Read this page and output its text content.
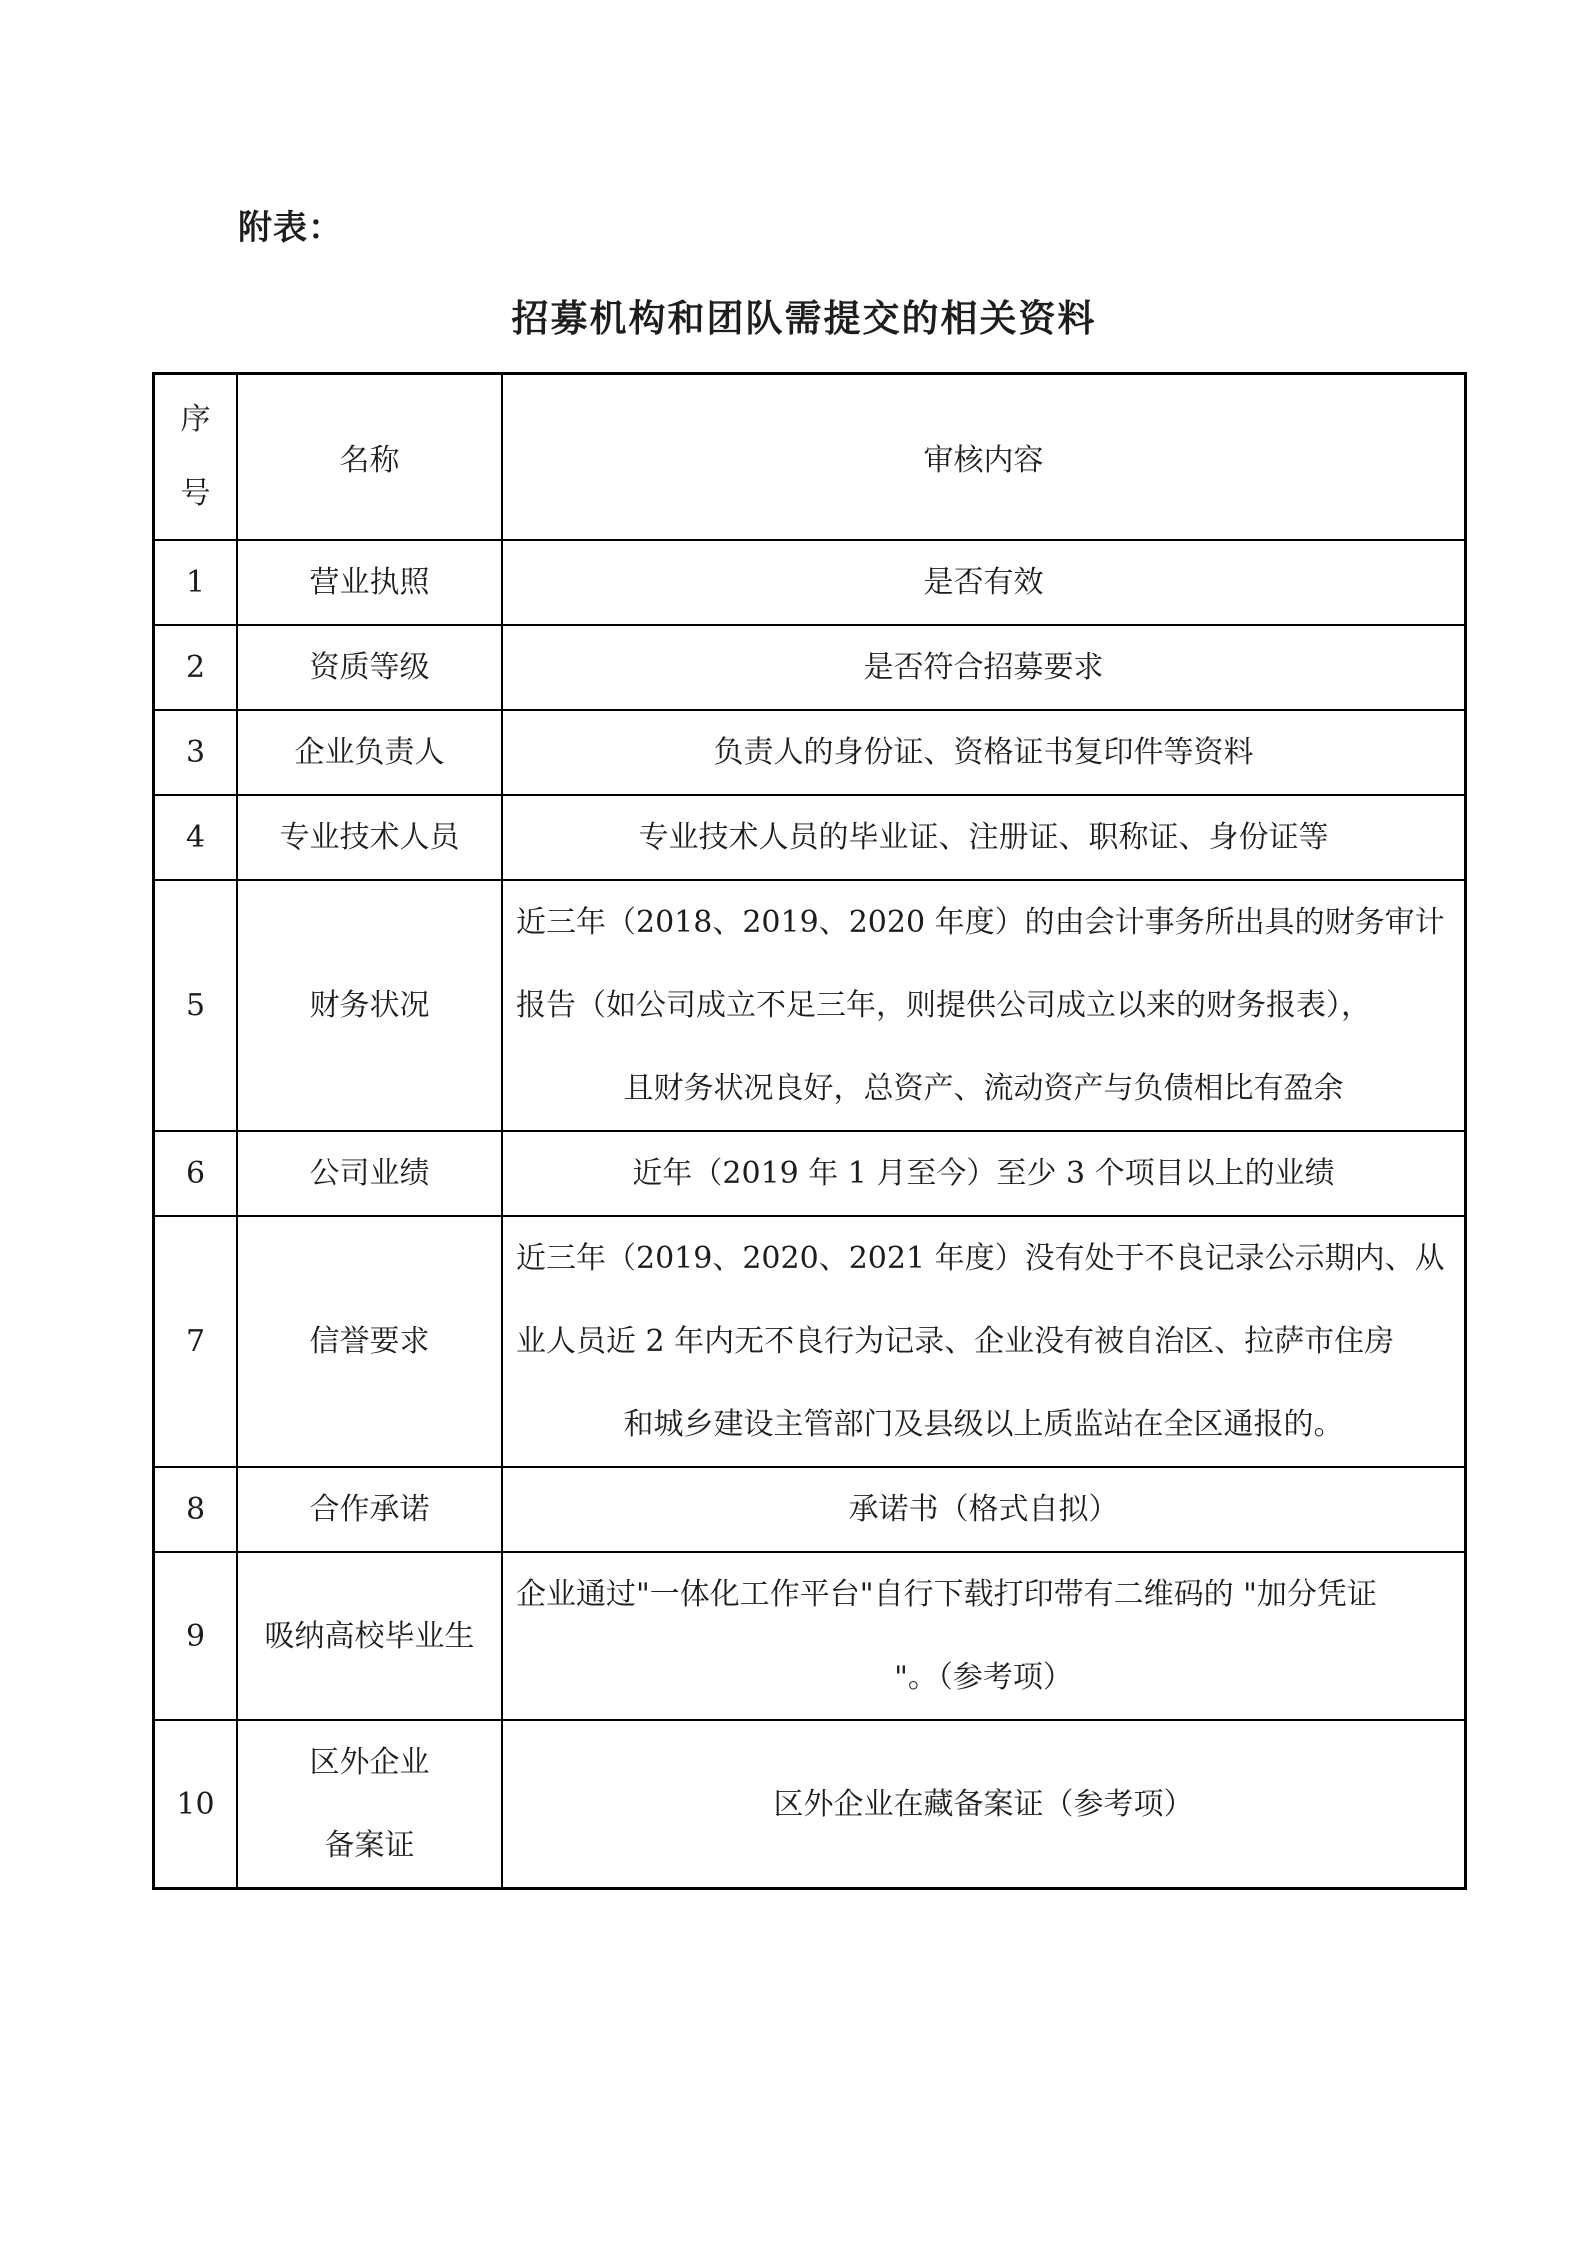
附表：
招募机构和团队需提交的相关资料
序
号	名称	审核内容
1	营业执照	是否有效

2	资质等级	是否符合招募要求

3	企业负责人	负责人的身份证、资格证书复印件等资料

4	专业技术人员	专业技术人员的毕业证、注册证、职称证、身份证等

5	财务状况	近三年（2018、2019、2020 年度）的由会计事务所出具的财务审计
报告（如公司成立不足三年，则提供公司成立以来的财务报表），
且财务状况良好，总资产、流动资产与负债相比有盈余

6	公司业绩	近年（2019 年 1 月至今）至少 3 个项目以上的业绩

7	信誉要求	近三年（2019、2020、2021 年度）没有处于不良记录公示期内、从
业人员近 2 年内无不良行为记录、企业没有被自治区、拉萨市住房
和城乡建设主管部门及县级以上质监站在全区通报的。

8	合作承诺	承诺书（格式自拟）

9	吸纳高校毕业生	企业通过"一体化工作平台"自行下载打印带有二维码的 "加分凭证
"。（参考项）

10	区外企业
备案证	区外企业在藏备案证（参考项）
